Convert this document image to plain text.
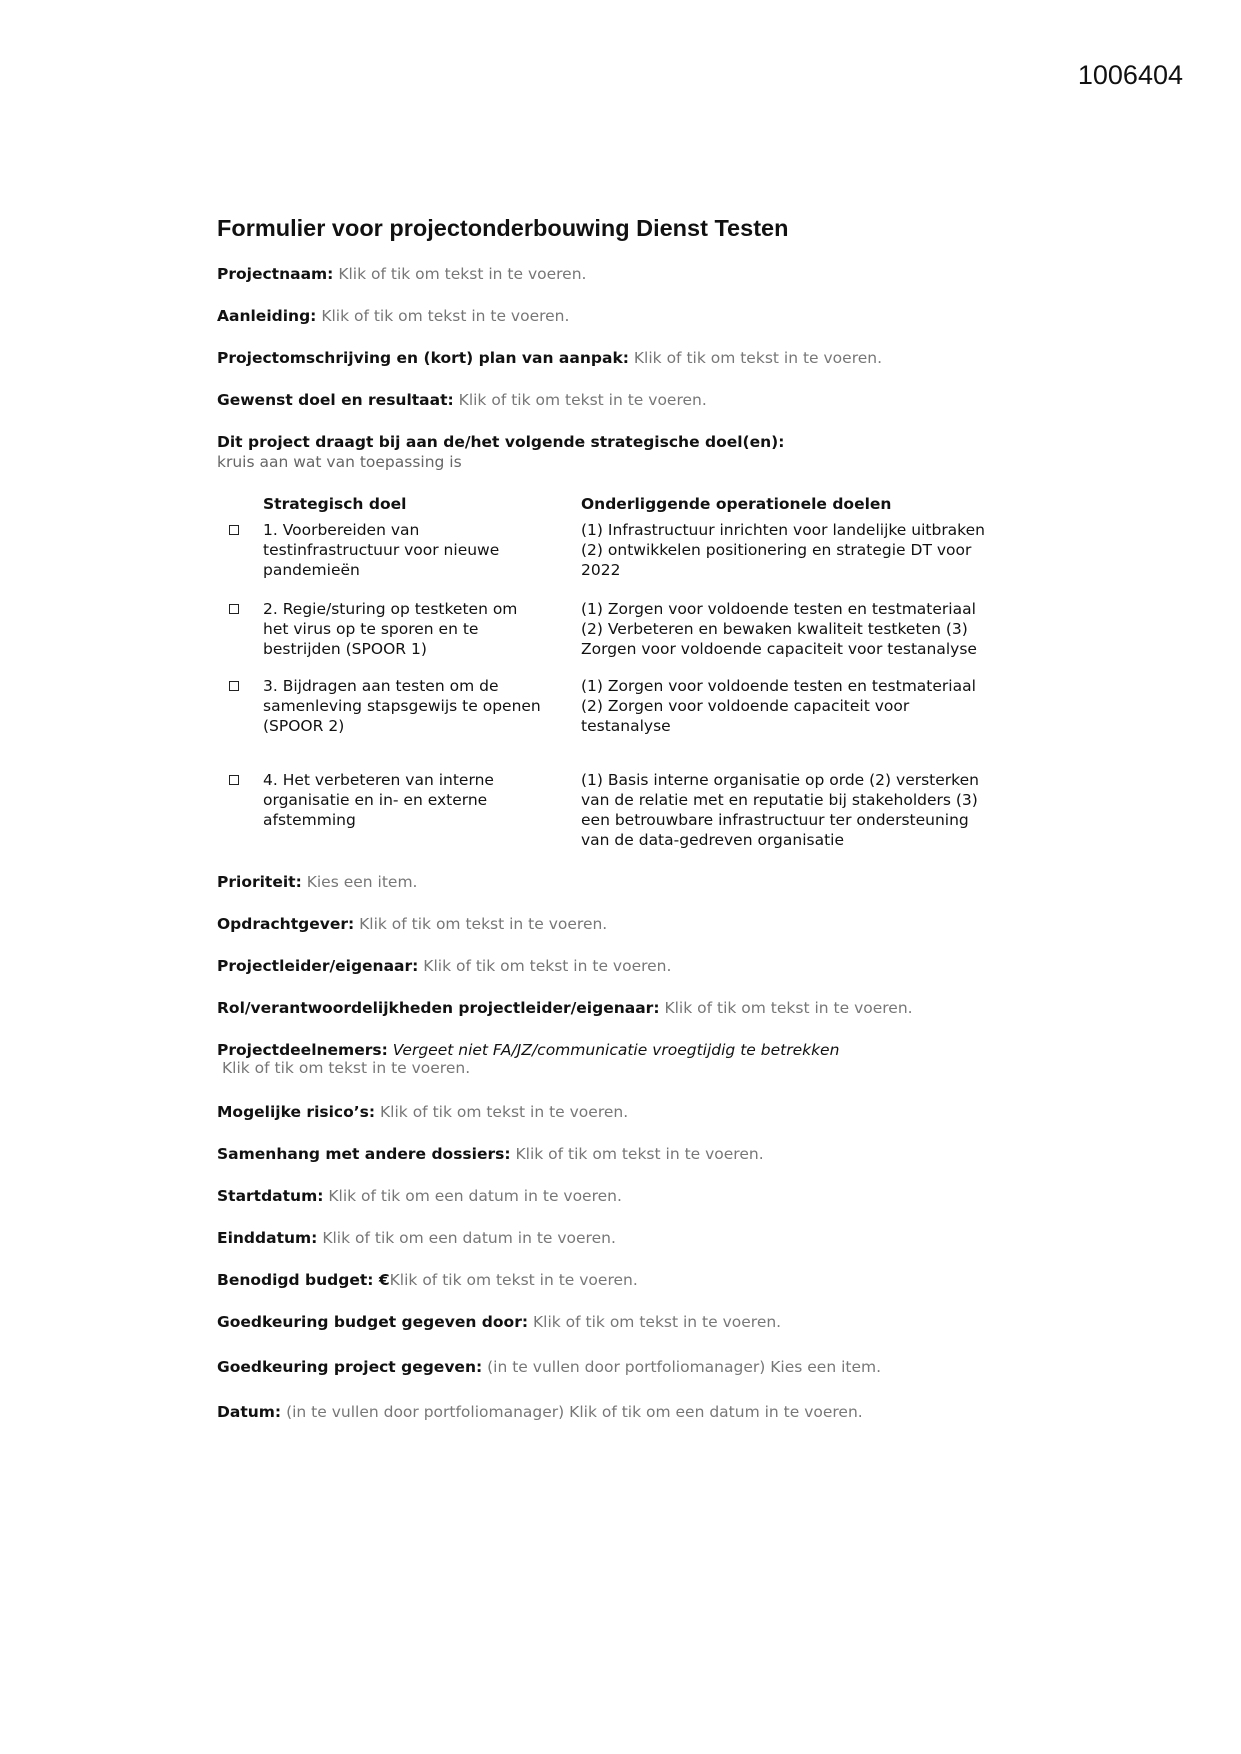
1006404
Formulier voor projectonderbouwing Dienst Testen
Projectnaam: Klik of tik om tekst in te voeren.
Aanleiding: Klik of tik om tekst in te voeren.
Projectomschrijving en (kort) plan van aanpak: Klik of tik om tekst in te voeren.
Gewenst doel en resultaat: Klik of tik om tekst in te voeren.
Dit project draagt bij aan de/het volgende strategische doel(en):
kruis aan wat van toepassing is
Strategisch doel	Onderliggende operationele doelen
1. Voorbereiden van
testinfrastructuur voor nieuwe
pandemieën
(1) Infrastructuur inrichten voor landelijke uitbraken
(2) ontwikkelen positionering en strategie DT voor
2022
2. Regie/sturing op testketen om
het virus op te sporen en te
bestrijden (SPOOR 1)
(1) Zorgen voor voldoende testen en testmateriaal
(2) Verbeteren en bewaken kwaliteit testketen (3)
Zorgen voor voldoende capaciteit voor testanalyse
3. Bijdragen aan testen om de
samenleving stapsgewijs te openen
(SPOOR 2)
(1) Zorgen voor voldoende testen en testmateriaal
(2) Zorgen voor voldoende capaciteit voor
testanalyse
4. Het verbeteren van interne
organisatie en in- en externe
afstemming
(1) Basis interne organisatie op orde (2) versterken
van de relatie met en reputatie bij stakeholders (3)
een betrouwbare infrastructuur ter ondersteuning
van de data-gedreven organisatie
Prioriteit: Kies een item.
Opdrachtgever: Klik of tik om tekst in te voeren.
Projectleider/eigenaar: Klik of tik om tekst in te voeren.
Rol/verantwoordelijkheden projectleider/eigenaar: Klik of tik om tekst in te voeren.
Projectdeelnemers: Vergeet niet FA/JZ/communicatie vroegtijdig te betrekken
Klik of tik om tekst in te voeren.
Mogelijke risico’s: Klik of tik om tekst in te voeren.
Samenhang met andere dossiers: Klik of tik om tekst in te voeren.
Startdatum: Klik of tik om een datum in te voeren.
Einddatum: Klik of tik om een datum in te voeren.
Benodigd budget: €Klik of tik om tekst in te voeren.
Goedkeuring budget gegeven door: Klik of tik om tekst in te voeren.
Goedkeuring project gegeven: (in te vullen door portfoliomanager) Kies een item.
Datum: (in te vullen door portfoliomanager) Klik of tik om een datum in te voeren.
